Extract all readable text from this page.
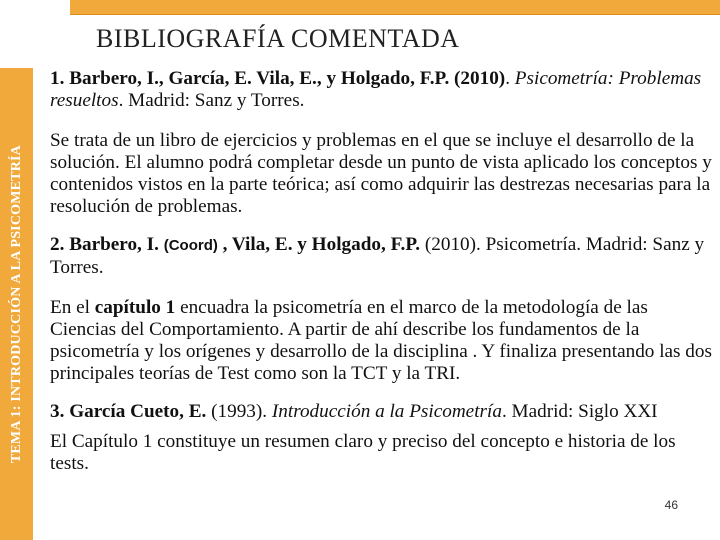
TEMA 1: INTRODUCCIÓN A LA PSICOMETRÍA
BIBLIOGRAFÍA COMENTADA

1. Barbero, I., García, E. Vila, E., y Holgado, F.P. (2010). Psicometría: Problemas resueltos. Madrid: Sanz y Torres.

Se trata de un libro de ejercicios y problemas en el que se incluye el desarrollo de la solución. El alumno podrá completar desde un punto de vista aplicado los conceptos y contenidos vistos en la parte teórica; así como adquirir las destrezas necesarias para la resolución de problemas.

2. Barbero, I. (Coord) , Vila, E. y Holgado, F.P. (2010). Psicometría. Madrid: Sanz y Torres.

En el capítulo 1 encuadra la psicometría en el marco de la metodología de las Ciencias del Comportamiento. A partir de ahí describe los fundamentos de la psicometría y los orígenes y desarrollo de la disciplina . Y finaliza presentando las dos principales teorías de Test como son la TCT y la TRI.

3. García Cueto, E. (1993). Introducción a la Psicometría. Madrid: Siglo XXI

El Capítulo 1 constituye un resumen claro y preciso del concepto e historia de los tests.

46
